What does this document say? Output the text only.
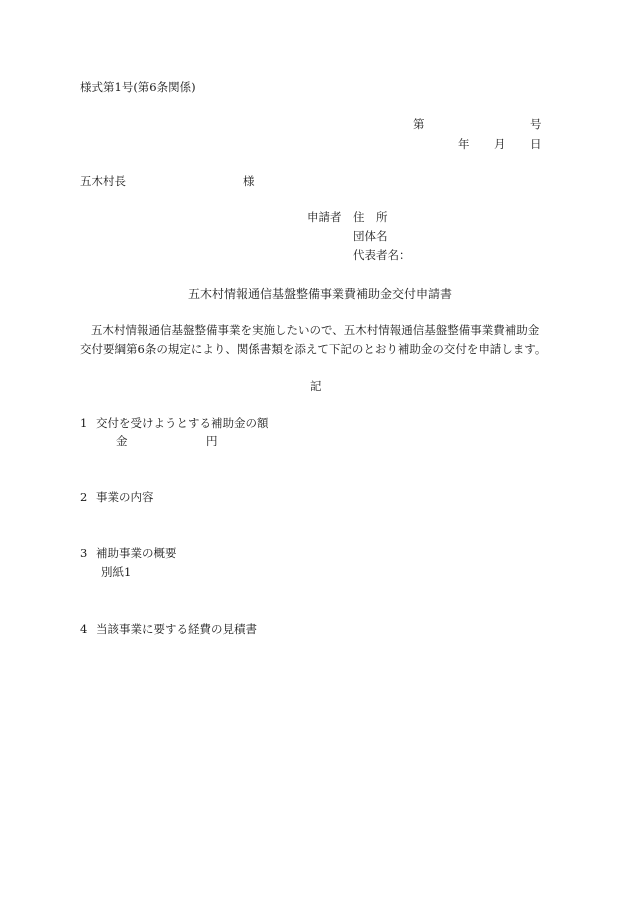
様式第1号(第6条関係)
第	号
年 月 日
五木村長	様
申請者 住　所
団体名
代表者名：
五木村情報通信基盤整備事業費補助金交付申請書
五木村情報通信基盤整備事業を実施したいので、五木村情報通信基盤整備事業費補助金
交付要綱第6条の規定により、関係書類を添えて下記のとおり補助金の交付を申請します。
記
1 交付を受けようとする補助金の額
金	円
2 事業の内容
3 補助事業の概要
別紙1
4 当該事業に要する経費の見積書
